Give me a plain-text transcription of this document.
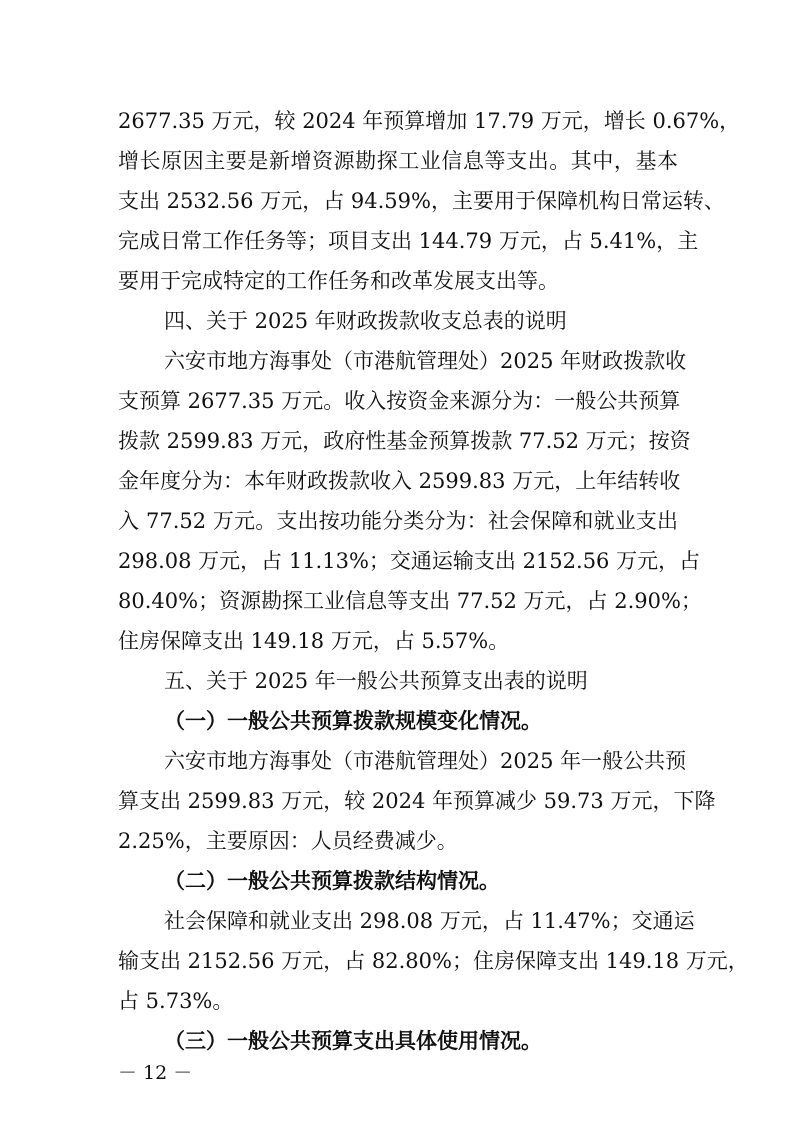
2677.35 万元，较 2024 年预算增加 17.79 万元，增长 0.67%，
增长原因主要是新增资源勘探工业信息等支出。其中，基本
支出 2532.56 万元，占 94.59%，主要用于保障机构日常运转、
完成日常工作任务等；项目支出 144.79 万元，占 5.41%，主
要用于完成特定的工作任务和改革发展支出等。
四、关于 2025 年财政拨款收支总表的说明
六安市地方海事处（市港航管理处）2025 年财政拨款收
支预算 2677.35 万元。收入按资金来源分为：一般公共预算
拨款 2599.83 万元，政府性基金预算拨款 77.52 万元；按资
金年度分为：本年财政拨款收入 2599.83 万元，上年结转收
入 77.52 万元。支出按功能分类分为：社会保障和就业支出
298.08 万元，占 11.13%；交通运输支出 2152.56 万元，占
80.40%；资源勘探工业信息等支出 77.52 万元，占 2.90%；
住房保障支出 149.18 万元，占 5.57%。
五、关于 2025 年一般公共预算支出表的说明
（一）一般公共预算拨款规模变化情况。
六安市地方海事处（市港航管理处）2025 年一般公共预
算支出 2599.83 万元，较 2024 年预算减少 59.73 万元，下降
2.25%，主要原因：人员经费减少。
（二）一般公共预算拨款结构情况。
社会保障和就业支出 298.08 万元，占 11.47%；交通运
输支出 2152.56 万元，占 82.80%；住房保障支出 149.18 万元，
占 5.73%。
（三）一般公共预算支出具体使用情况。
－ 12 －
